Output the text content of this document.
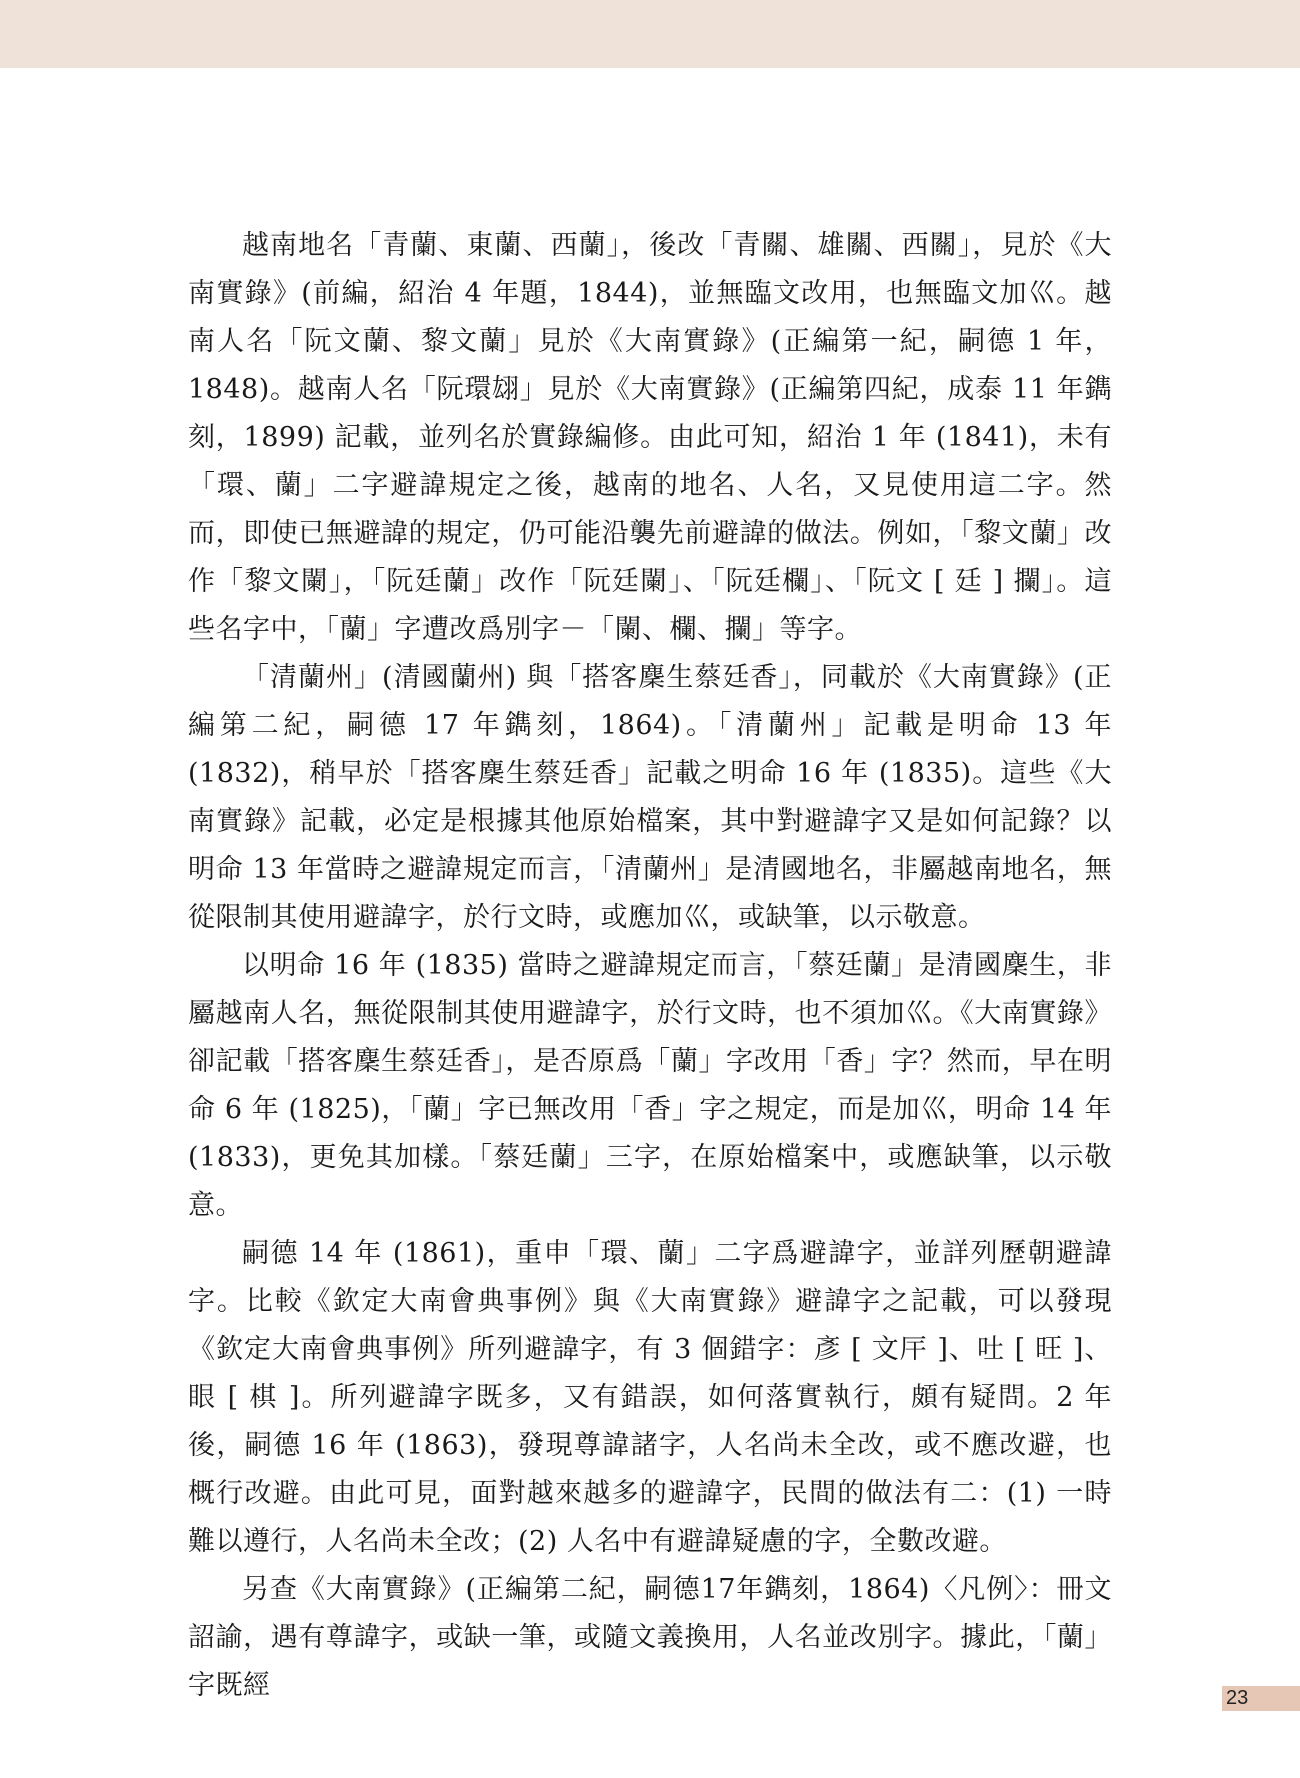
越南地名「青蘭、東蘭、西蘭」，後改「青關、雄關、西關」，見於《大南實錄》(前編，紹治 4 年題，1844)，並無臨文改用，也無臨文加巛。越南人名「阮文蘭、黎文蘭」見於《大南實錄》(正編第一紀，嗣德 1 年，1848)。越南人名「阮環翃」見於《大南實錄》(正編第四紀，成泰 11 年鐫刻，1899) 記載，並列名於實錄編修。由此可知，紹治 1 年 (1841)，未有「環、蘭」二字避諱規定之後，越南的地名、人名，又見使用這二字。然而，即使已無避諱的規定，仍可能沿襲先前避諱的做法。例如，「黎文蘭」改作「黎文闌」，「阮廷蘭」改作「阮廷闌」、「阮廷欄」、「阮文 [ 廷 ] 攔」。這些名字中，「蘭」字遭改爲別字－「闌、欄、攔」等字。

「清蘭州」(清國蘭州) 與「搭客麇生蔡廷香」，同載於《大南實錄》(正編第二紀，嗣德 17 年鐫刻，1864)。「清蘭州」記載是明命 13 年 (1832)，稍早於「搭客麇生蔡廷香」記載之明命 16 年 (1835)。這些《大南實錄》記載，必定是根據其他原始檔案，其中對避諱字又是如何記錄？以明命 13 年當時之避諱規定而言，「清蘭州」是清國地名，非屬越南地名，無從限制其使用避諱字，於行文時，或應加巛，或缺筆，以示敬意。

以明命 16 年 (1835) 當時之避諱規定而言，「蔡廷蘭」是清國麇生，非屬越南人名，無從限制其使用避諱字，於行文時，也不須加巛。《大南實錄》卻記載「搭客麇生蔡廷香」，是否原爲「蘭」字改用「香」字？然而，早在明命 6 年 (1825)，「蘭」字已無改用「香」字之規定，而是加巛，明命 14 年 (1833)，更免其加樣。「蔡廷蘭」三字，在原始檔案中，或應缺筆，以示敬意。

嗣德 14 年 (1861)，重申「環、蘭」二字爲避諱字，並詳列歷朝避諱字。比較《欽定大南會典事例》與《大南實錄》避諱字之記載，可以發現《欽定大南會典事例》所列避諱字，有 3 個錯字：彥 [ 文厈 ]、吐 [ 旺 ]、眼 [ 棋 ]。所列避諱字既多，又有錯誤，如何落實執行，頗有疑問。2 年後，嗣德 16 年 (1863)，發現尊諱諸字，人名尚未全改，或不應改避，也概行改避。由此可見，面對越來越多的避諱字，民間的做法有二：(1) 一時難以遵行，人名尚未全改；(2) 人名中有避諱疑慮的字，全數改避。

另查《大南實錄》(正編第二紀，嗣德17年鐫刻，1864)〈凡例〉：冊文詔諭，遇有尊諱字，或缺一筆，或隨文義換用，人名並改別字。據此，「蘭」字既經	23
